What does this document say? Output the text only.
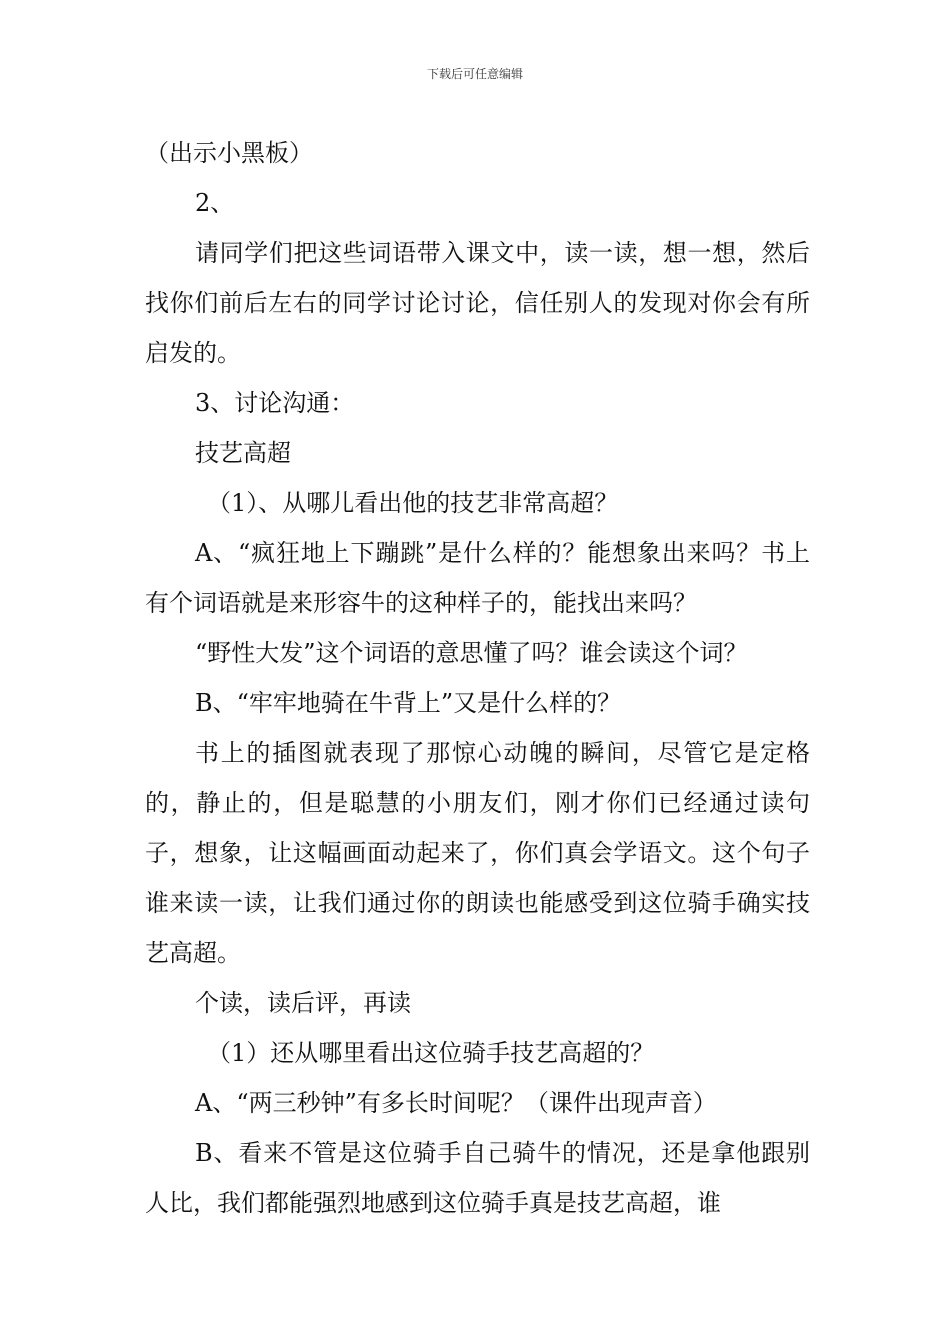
下载后可任意编辑

（出示小黑板）

2、

请同学们把这些词语带入课文中，读一读，想一想，然后找你们前后左右的同学讨论讨论，信任别人的发现对你会有所启发的。

3、讨论沟通：

技艺高超

（1）、从哪儿看出他的技艺非常高超？

A、“疯狂地上下蹦跳”是什么样的？能想象出来吗？书上有个词语就是来形容牛的这种样子的，能找出来吗？

“野性大发”这个词语的意思懂了吗？谁会读这个词？

B、“牢牢地骑在牛背上”又是什么样的？

书上的插图就表现了那惊心动魄的瞬间，尽管它是定格的，静止的，但是聪慧的小朋友们，刚才你们已经通过读句子，想象，让这幅画面动起来了，你们真会学语文。这个句子谁来读一读，让我们通过你的朗读也能感受到这位骑手确实技艺高超。

个读，读后评，再读

（1）还从哪里看出这位骑手技艺高超的？

A、“两三秒钟”有多长时间呢？（课件出现声音）

B、看来不管是这位骑手自己骑牛的情况，还是拿他跟别人比，我们都能强烈地感到这位骑手真是技艺高超，谁
